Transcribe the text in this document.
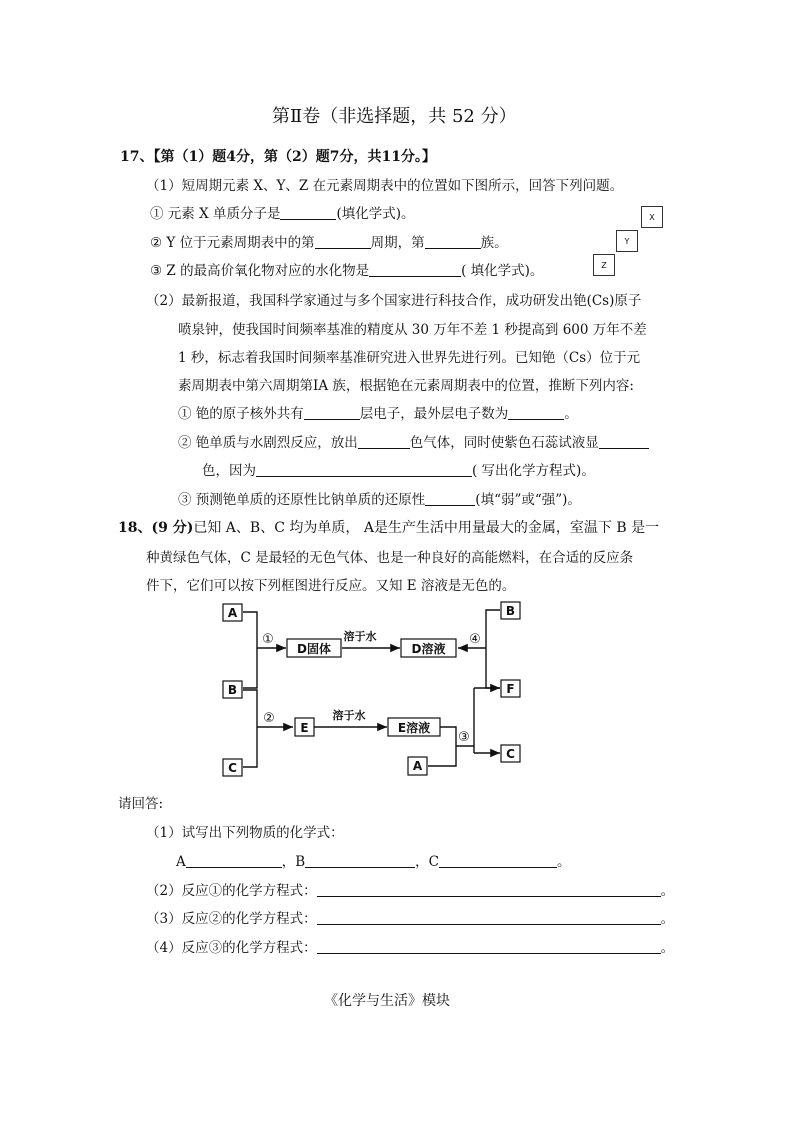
第Ⅱ卷（非选择题，共 52 分）
17、【第（1）题4分，第（2）题7分，共11分。】
（1）短周期元素 X、Y、Z 在元素周期表中的位置如下图所示，回答下列问题。
① 元素 X 单质分子是	(填化学式)。
② Y 位于元素周期表中的第	周期，第	族。
③ Z 的最高价氧化物对应的水化物是	( 填化学式)。
X
Y
Z
（2）最新报道，我国科学家通过与多个国家进行科技合作，成功研发出铯(Cs)原子
喷泉钟，使我国时间频率基准的精度从 30 万年不差 1 秒提高到 600 万年不差
1 秒，标志着我国时间频率基准研究进入世界先进行列。已知铯（Cs）位于元
素周期表中第六周期第ⅠA 族，根据铯在元素周期表中的位置，推断下列内容:
① 铯的原子核外共有	层电子，最外层电子数为	。
② 铯单质与水剧烈反应，放出	色气体，同时使紫色石蕊试液显
色，因为	( 写出化学方程式)。
③ 预测铯单质的还原性比钠单质的还原性	(填“弱”或“强”)。
18、(9 分)已知 A、B、C 均为单质， A是生产生活中用量最大的金属，室温下 B 是一
种黄绿色气体，C 是最轻的无色气体、也是一种良好的高能燃料，在合适的反应条
件下，它们可以按下列框图进行反应。又知 E 溶液是无色的。
A
B
C
D固体	D溶液
E	E溶液
A
B
F
C
溶于水
溶于水
①
②
③
④
请回答:
（1）试写出下列物质的化学式：
A	，B	，C	。
（2）反应①的化学方程式：	。
（3）反应②的化学方程式：	。
（4）反应③的化学方程式：	。
《化学与生活》模块
